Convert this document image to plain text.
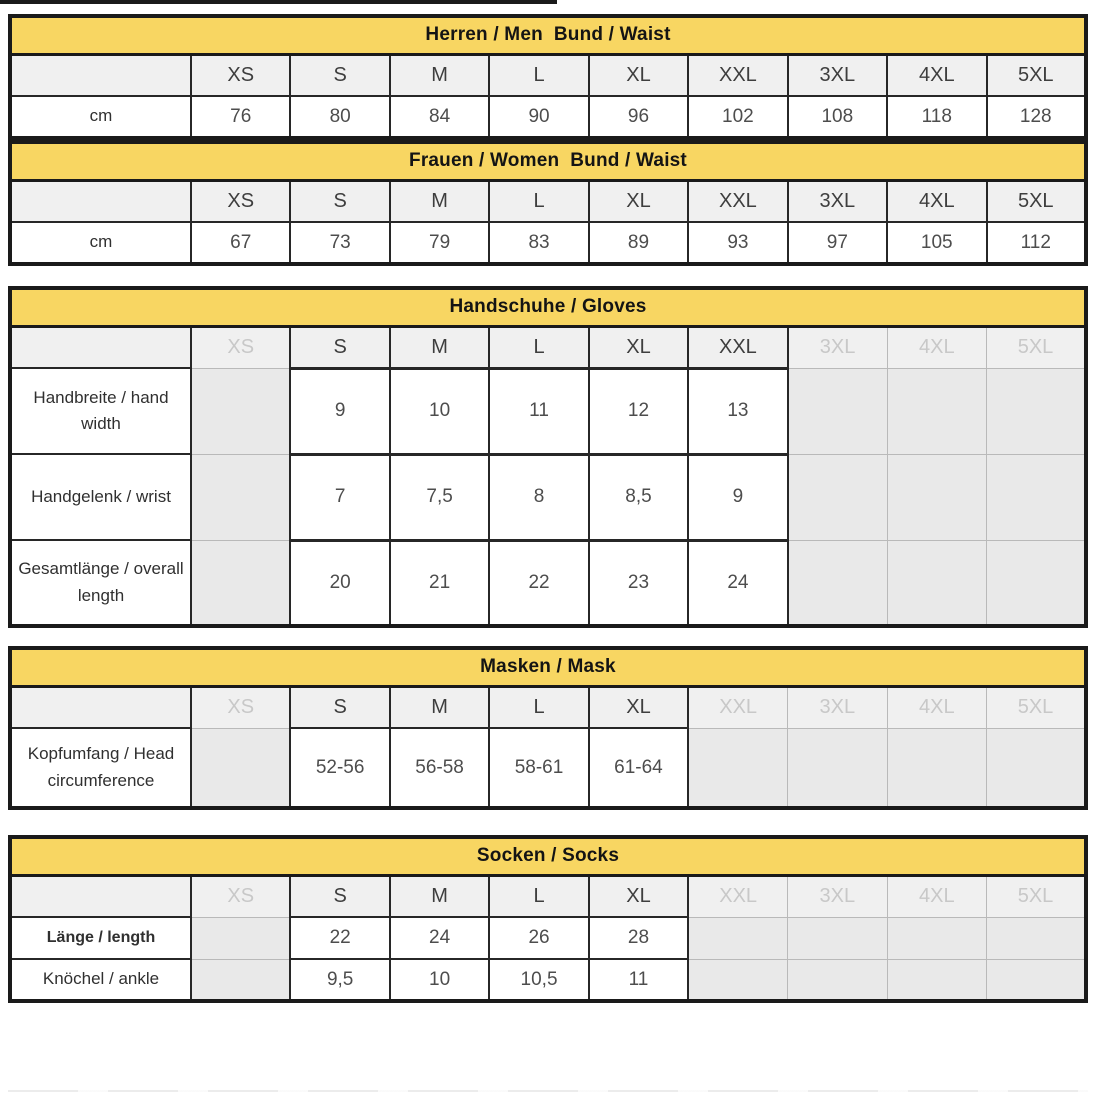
Herren / Men  Bund / Waist									
	XS	S	M	L	XL	XXL	3XL	4XL	5XL
cm	76	80	84	90	96	102	108	118	128
Frauen / Women  Bund / Waist									
	XS	S	M	L	XL	XXL	3XL	4XL	5XL
cm	67	73	79	83	89	93	97	105	112
Handschuhe / Gloves									
	XS	S	M	L	XL	XXL	3XL	4XL	5XL
Handbreite / hand width		9	10	11	12	13			
Handgelenk / wrist		7	7,5	8	8,5	9			
Gesamtlänge / overall length		20	21	22	23	24			
Masken / Mask									
	XS	S	M	L	XL	XXL	3XL	4XL	5XL
Kopfumfang / Head circumference		52-56	56-58	58-61	61-64				
Socken / Socks									
	XS	S	M	L	XL	XXL	3XL	4XL	5XL
Länge / length		22	24	26	28				
Knöchel / ankle		9,5	10	10,5	11				
